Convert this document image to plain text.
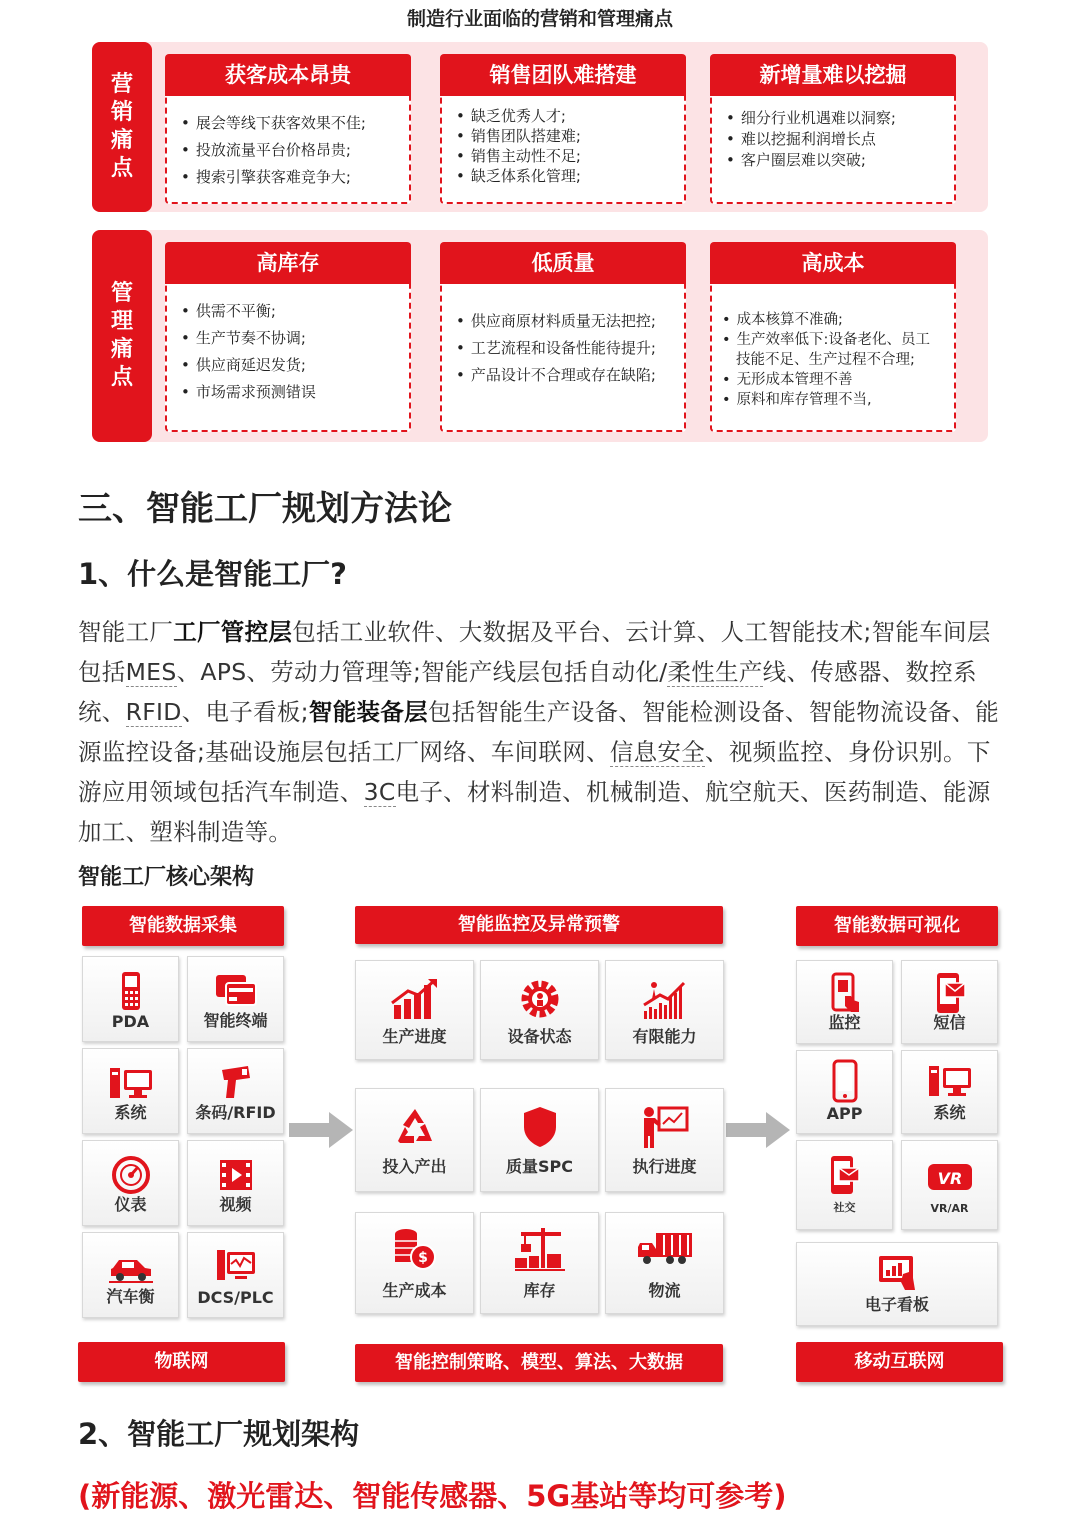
制造行业面临的营销和管理痛点
营销痛点
获客成本昂贵
• 展会等线下获客效果不佳;
• 投放流量平台价格昂贵;
• 搜索引擎获客难竞争大;
销售团队难搭建
• 缺乏优秀人才;
• 销售团队搭建难;
• 销售主动性不足;
• 缺乏体系化管理;
新增量难以挖掘
• 细分行业机遇难以洞察;
• 难以挖掘利润增长点
• 客户圈层难以突破;
管理痛点
高库存
• 供需不平衡;
• 生产节奏不协调;
• 供应商延迟发货;
• 市场需求预测错误
低质量
• 供应商原材料质量无法把控;
• 工艺流程和设备性能待提升;
• 产品设计不合理或存在缺陷;
高成本
• 成本核算不准确;
• 生产效率低下:设备老化、员工
技能不足、生产过程不合理;
• 无形成本管理不善
• 原料和库存管理不当,
三、智能工厂规划方法论
1、什么是智能工厂?
智能工厂工厂管控层包括工业软件、大数据及平台、云计算、人工智能技术;智能车间层包括MES、APS、劳动力管理等;智能产线层包括自动化/柔性生产线、传感器、数控系统、RFID、电子看板;智能装备层包括智能生产设备、智能检测设备、智能物流设备、能源监控设备;基础设施层包括工厂网络、车间联网、信息安全、视频监控、身份识别。下游应用领域包括汽车制造、3C电子、材料制造、机械制造、航空航天、医药制造、能源加工、塑料制造等。
智能工厂核心架构
智能数据采集
PDA	智能终端
系统	条码/RFID
仪表	视频
汽车衡	DCS/PLC
物联网
智能监控及异常预警
生产进度	设备状态	有限能力
投入产出	质量SPC	执行进度
$
生产成本	库存	物流
智能控制策略、模型、算法、大数据
智能数据可视化
监控	短信
APP	系统
社交
VR
VR/AR
电子看板
移动互联网
2、智能工厂规划架构
(新能源、激光雷达、智能传感器、5G基站等均可参考)
